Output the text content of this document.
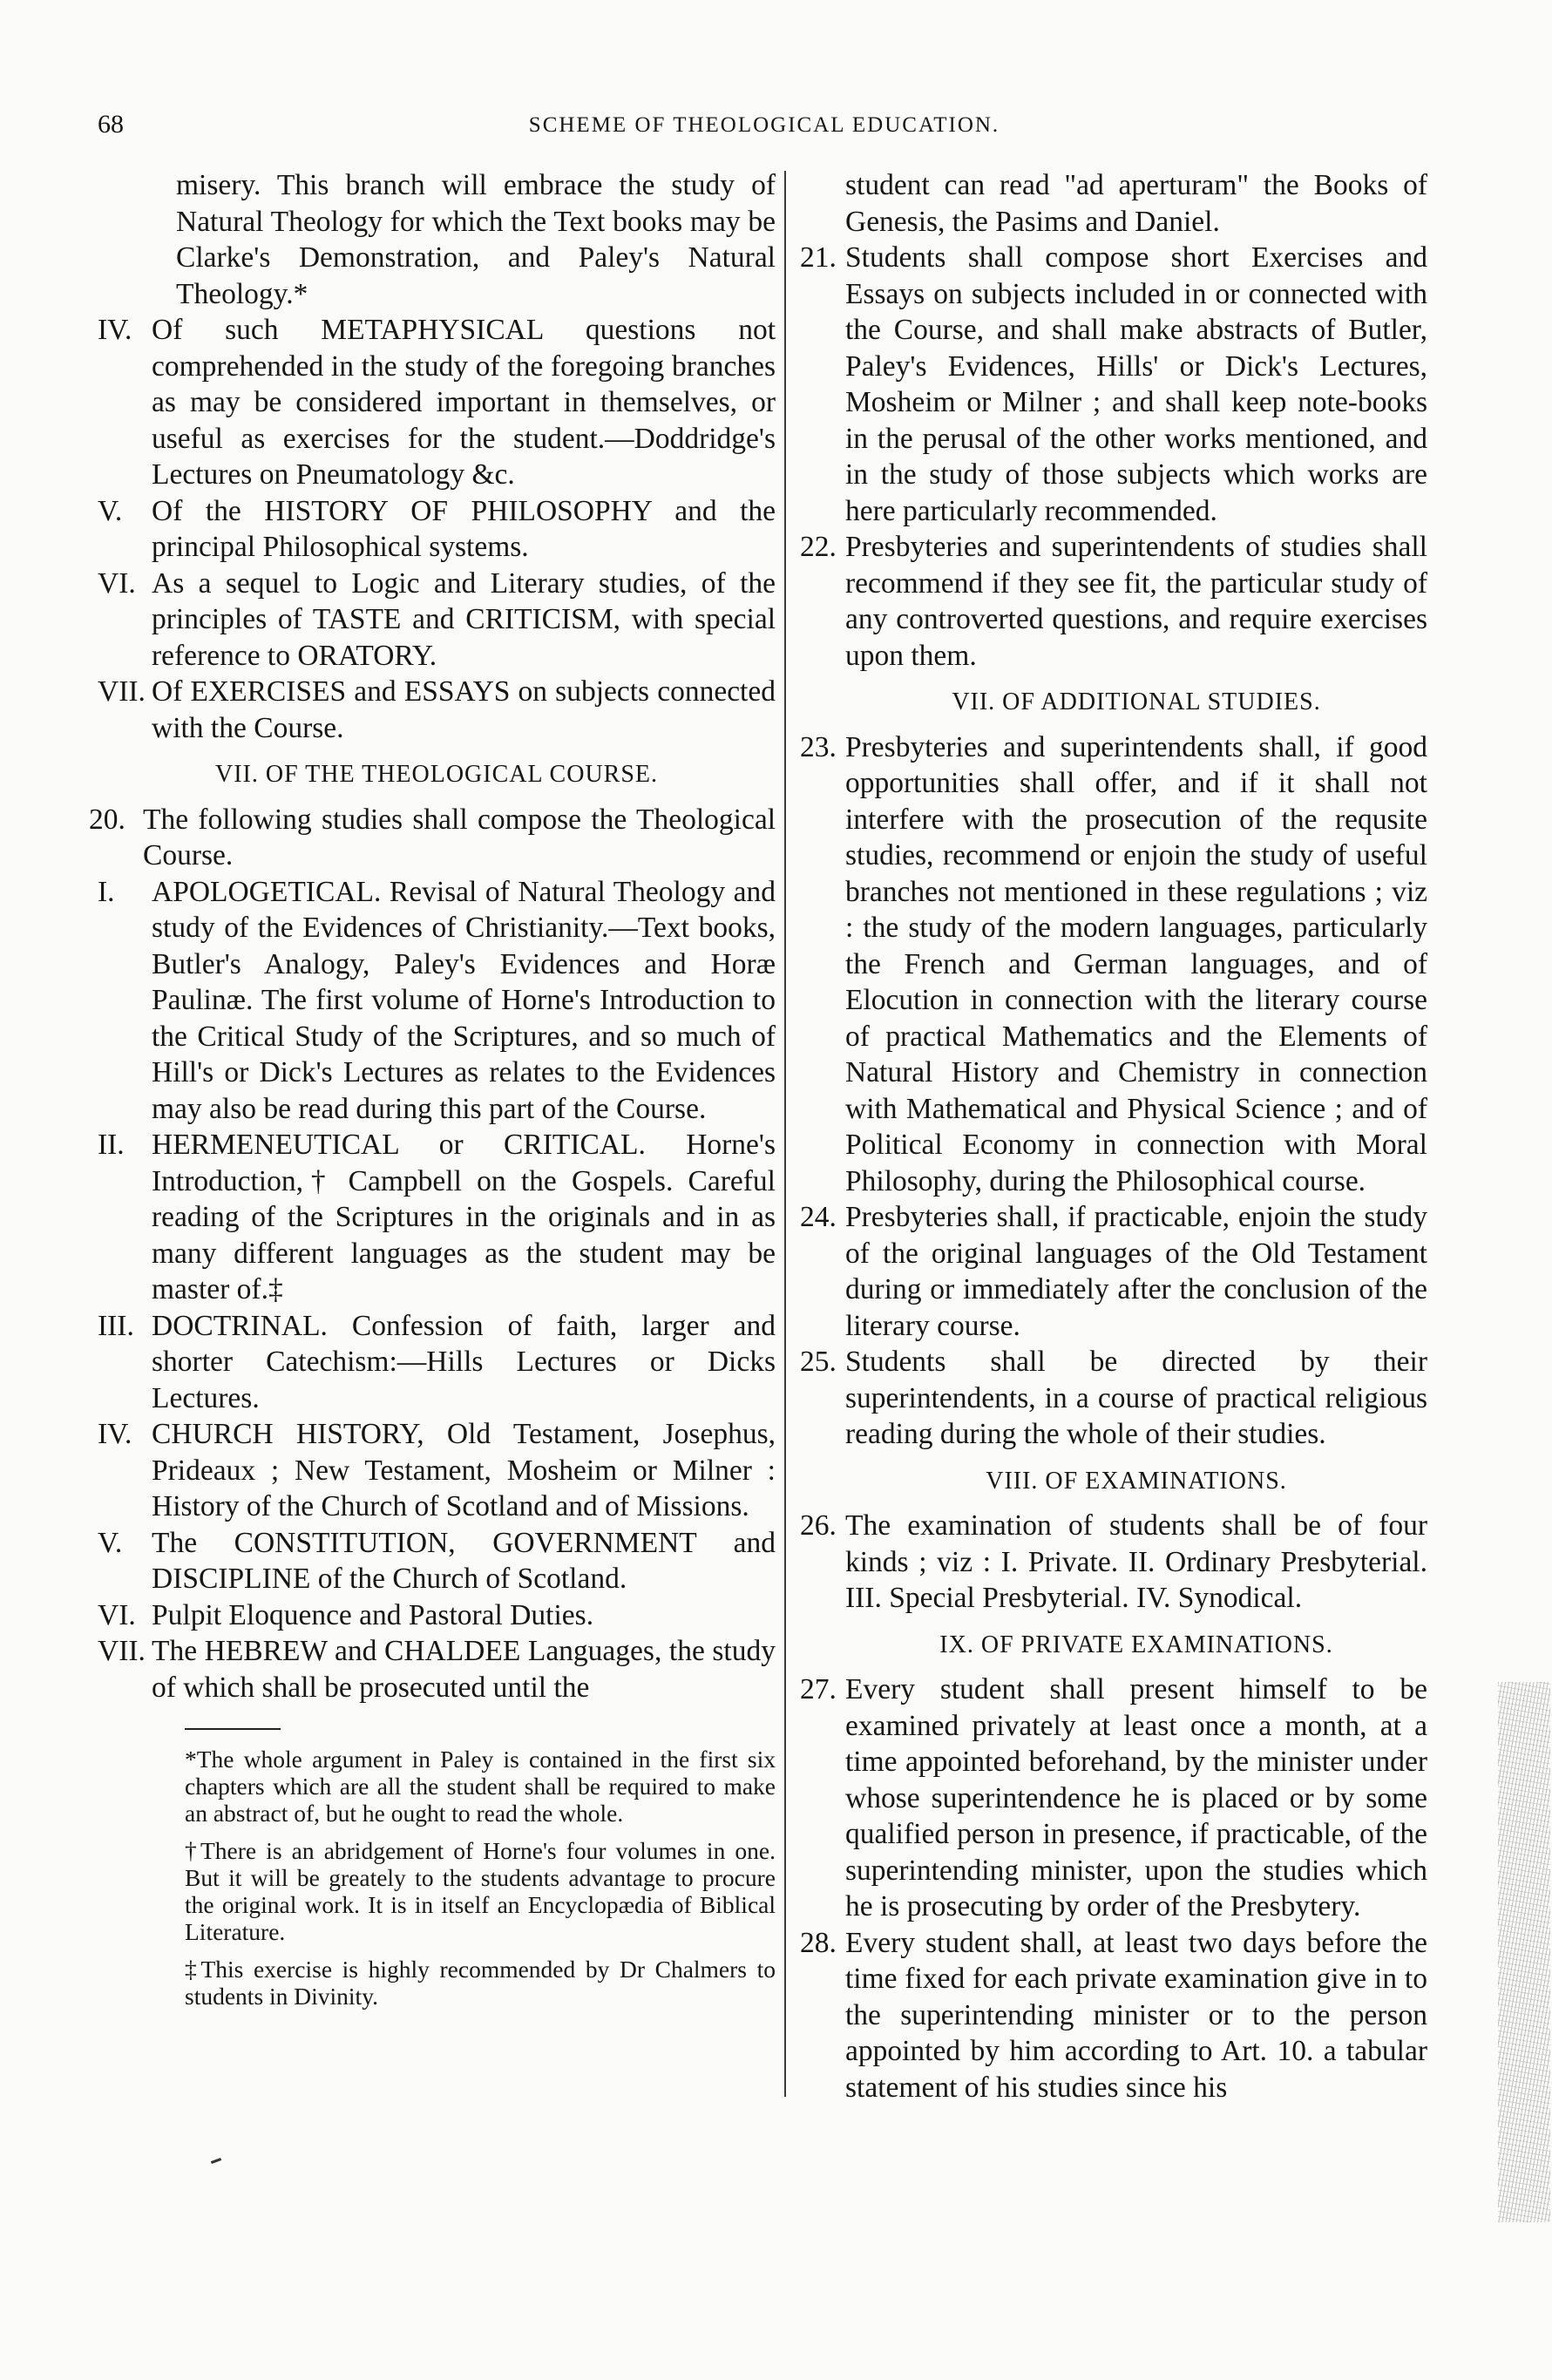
68	SCHEME OF THEOLOGICAL EDUCATION.
misery. This branch will embrace the study of Natural Theology for which the Text books may be Clarke's Demonstration, and Paley's Natural Theology.*
IV. Of such METAPHYSICAL questions not comprehended in the study of the foregoing branches as may be considered important in themselves, or useful as exercises for the student.—Doddridge's Lectures on Pneumatology &c.
V.	Of the HISTORY OF PHILOSOPHY and the principal Philosophical systems.
VI. As a sequel to Logic and Literary studies, of the principles of TASTE and CRITICISM, with special reference to ORATORY.
VII. Of EXERCISES and ESSAYS on subjects connected with the Course.
VII. OF THE THEOLOGICAL COURSE.
20. The following studies shall compose the Theological Course.
I.	APOLOGETICAL. Revisal of Natural Theology and study of the Evidences of Christianity.—Text books, Butler's Analogy, Paley's Evidences and Horæ Paulinæ. The first volume of Horne's Introduction to the Critical Study of the Scriptures, and so much of Hill's or Dick's Lectures as relates to the Evidences may also be read during this part of the Course.
II. HERMENEUTICAL or CRITICAL. Horne's Introduction,† Campbell on the Gospels. Careful reading of the Scriptures in the originals and in as many different languages as the student may be master of.‡
III. DOCTRINAL. Confession of faith, larger and shorter Catechism:—Hills Lectures or Dicks Lectures.
IV. CHURCH HISTORY, Old Testament, Josephus, Prideaux ; New Testament, Mosheim or Milner : History of the Church of Scotland and of Missions.
V.	The CONSTITUTION, GOVERNMENT and DISCIPLINE of the Church of Scotland.
VI. Pulpit Eloquence and Pastoral Duties.
VII. The HEBREW and CHALDEE Languages, the study of which shall be prosecuted until the
*The whole argument in Paley is contained in the first six chapters which are all the student shall be required to make an abstract of, but he ought to read the whole.
†There is an abridgement of Horne's four volumes in one. But it will be greately to the students advantage to procure the original work. It is in itself an Encyclopædia of Biblical Literature.
‡This exercise is highly recommended by Dr Chalmers to students in Divinity.
student can read "ad aperturam" the Books of Genesis, the Pasims and Daniel.
21. Students shall compose short Exercises and Essays on subjects included in or connected with the Course, and shall make abstracts of Butler, Paley's Evidences, Hills' or Dick's Lectures, Mosheim or Milner ; and shall keep note-books in the perusal of the other works mentioned, and in the study of those subjects which works are here particularly recommended.
22. Presbyteries and superintendents of studies shall recommend if they see fit, the particular study of any controverted questions, and require exercises upon them.
VII. OF ADDITIONAL STUDIES.
23. Presbyteries and superintendents shall, if good opportunities shall offer, and if it shall not interfere with the prosecution of the requsite studies, recommend or enjoin the study of useful branches not mentioned in these regulations ; viz : the study of the modern languages, particularly the French and German languages, and of Elocution in connection with the literary course of practical Mathematics and the Elements of Natural History and Chemistry in connection with Mathematical and Physical Science ; and of Political Economy in connection with Moral Philosophy, during the Philosophical course.
24. Presbyteries shall, if practicable, enjoin the study of the original languages of the Old Testament during or immediately after the conclusion of the literary course.
25. Students shall be directed by their superintendents, in a course of practical religious reading during the whole of their studies.
VIII. OF EXAMINATIONS.
26. The examination of students shall be of four kinds ; viz : I. Private. II. Ordinary Presbyterial. III. Special Presbyterial. IV. Synodical.
IX. OF PRIVATE EXAMINATIONS.
27. Every student shall present himself to be examined privately at least once a month, at a time appointed beforehand, by the minister under whose superintendence he is placed or by some qualified person in presence, if practicable, of the superintending minister, upon the studies which he is prosecuting by order of the Presbytery.
28. Every student shall, at least two days before the time fixed for each private examination give in to the superintending minister or to the person appointed by him according to Art. 10. a tabular statement of his studies since his
